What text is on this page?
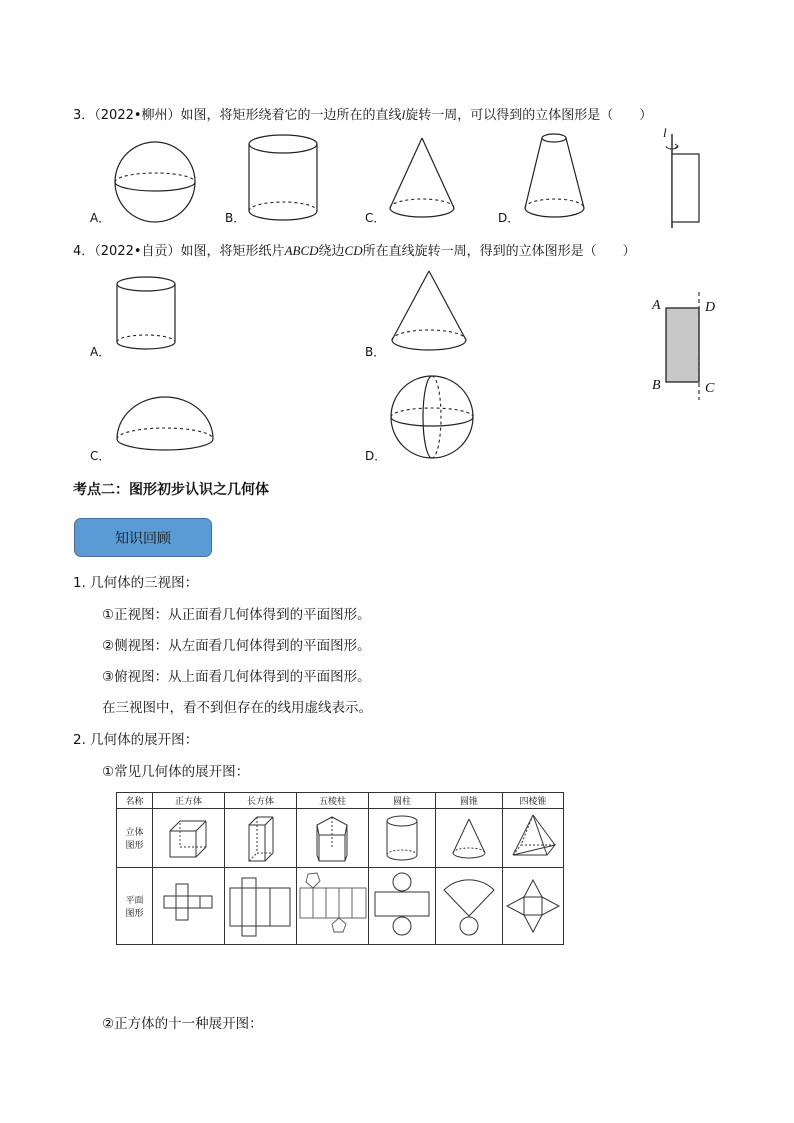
3．（2022•柳州）如图，将矩形绕着它的一边所在的直线l旋转一周，可以得到的立体图形是（　　）
A．	B．	C．	D．
l
4．（2022•自贡）如图，将矩形纸片ABCD绕边CD所在直线旋转一周，得到的立体图形是（　　）
A．	B．
A	D
B	C
C．	D．
考点二：图形初步认识之几何体
知识回顾
1. 几何体的三视图：
①正视图：从正面看几何体得到的平面图形。
②侧视图：从左面看几何体得到的平面图形。
③俯视图：从上面看几何体得到的平面图形。
在三视图中，看不到但存在的线用虚线表示。
2. 几何体的展开图：
①常见几何体的展开图：
名称	正方体	长方体	五棱柱	圆柱	圆锥	四棱锥

立体
图形

平面
图形

②正方体的十一种展开图：
